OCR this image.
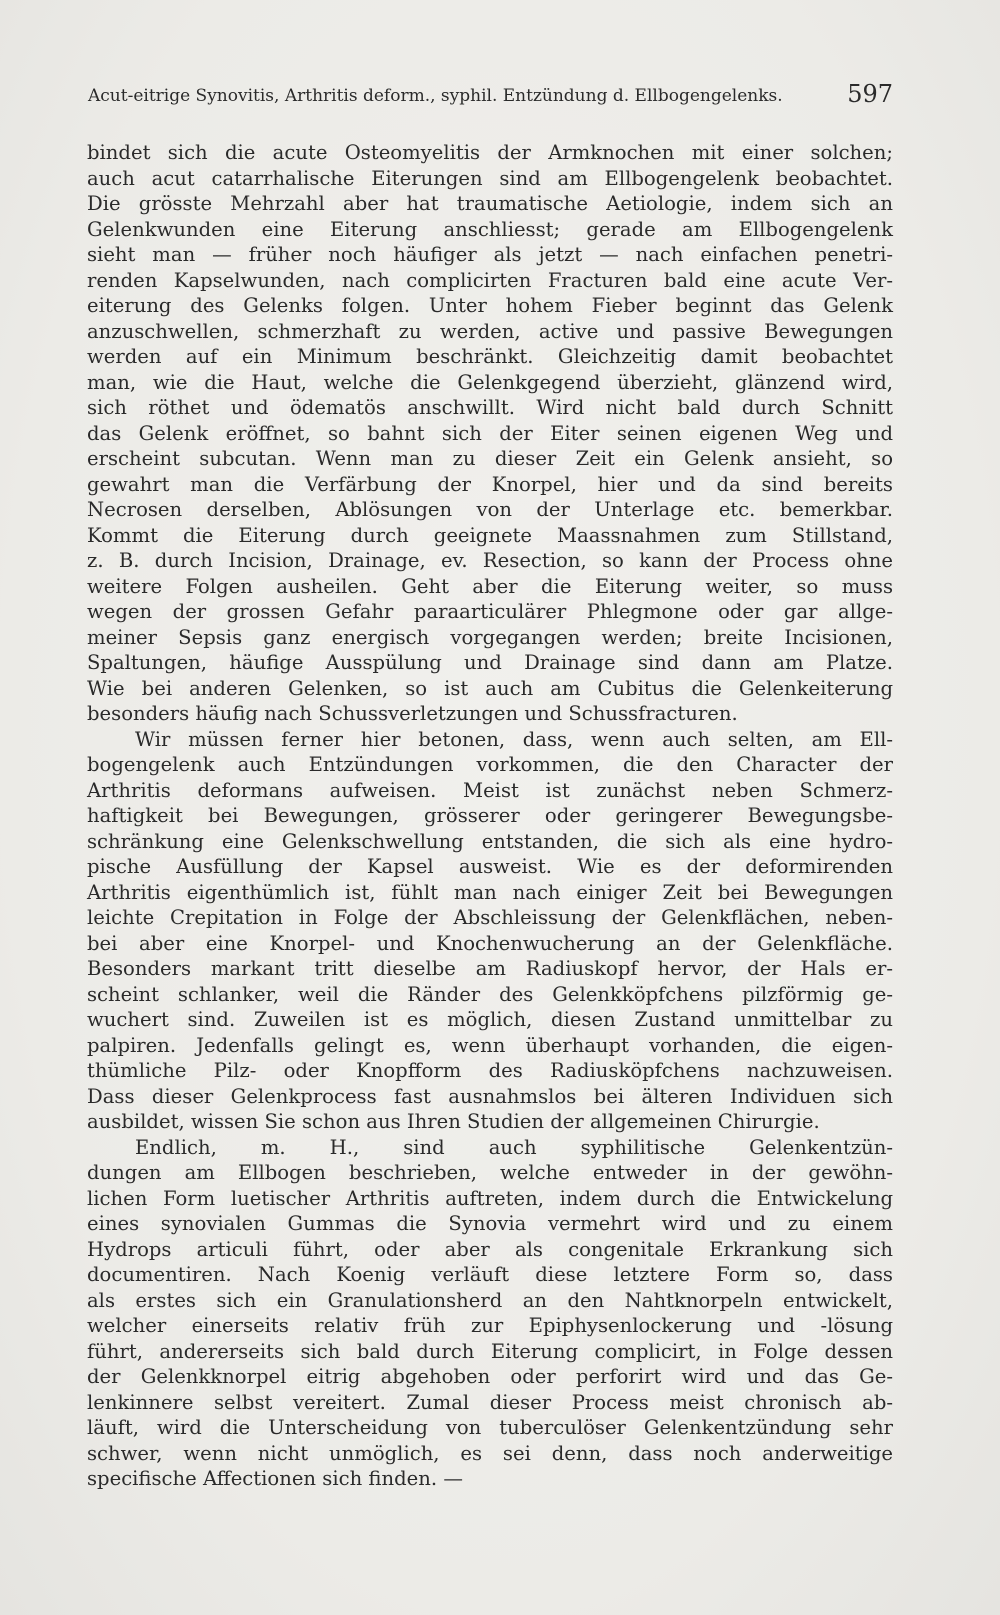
Acut-eitrige Synovitis, Arthritis deform., syphil. Entzündung d. Ellbogengelenks.	597
bindet sich die acute Osteomyelitis der Armknochen mit einer solchen;
auch acut catarrhalische Eiterungen sind am Ellbogengelenk beobachtet.
Die grösste Mehrzahl aber hat traumatische Aetiologie, indem sich an
Gelenkwunden eine Eiterung anschliesst; gerade am Ellbogengelenk
sieht man — früher noch häufiger als jetzt — nach einfachen penetri-
renden Kapselwunden, nach complicirten Fracturen bald eine acute Ver-
eiterung des Gelenks folgen. Unter hohem Fieber beginnt das Gelenk
anzuschwellen, schmerzhaft zu werden, active und passive Bewegungen
werden auf ein Minimum beschränkt. Gleichzeitig damit beobachtet
man, wie die Haut, welche die Gelenkgegend überzieht, glänzend wird,
sich röthet und ödematös anschwillt. Wird nicht bald durch Schnitt
das Gelenk eröffnet, so bahnt sich der Eiter seinen eigenen Weg und
erscheint subcutan. Wenn man zu dieser Zeit ein Gelenk ansieht, so
gewahrt man die Verfärbung der Knorpel, hier und da sind bereits
Necrosen derselben, Ablösungen von der Unterlage etc. bemerkbar.
Kommt die Eiterung durch geeignete Maassnahmen zum Stillstand,
z. B. durch Incision, Drainage, ev. Resection, so kann der Process ohne
weitere Folgen ausheilen. Geht aber die Eiterung weiter, so muss
wegen der grossen Gefahr paraarticulärer Phlegmone oder gar allge-
meiner Sepsis ganz energisch vorgegangen werden; breite Incisionen,
Spaltungen, häufige Ausspülung und Drainage sind dann am Platze.
Wie bei anderen Gelenken, so ist auch am Cubitus die Gelenkeiterung
besonders häufig nach Schussverletzungen und Schussfracturen.
Wir müssen ferner hier betonen, dass, wenn auch selten, am Ell-
bogengelenk auch Entzündungen vorkommen, die den Character der
Arthritis deformans aufweisen. Meist ist zunächst neben Schmerz-
haftigkeit bei Bewegungen, grösserer oder geringerer Bewegungsbe-
schränkung eine Gelenkschwellung entstanden, die sich als eine hydro-
pische Ausfüllung der Kapsel ausweist. Wie es der deformirenden
Arthritis eigenthümlich ist, fühlt man nach einiger Zeit bei Bewegungen
leichte Crepitation in Folge der Abschleissung der Gelenkflächen, neben-
bei aber eine Knorpel- und Knochenwucherung an der Gelenkfläche.
Besonders markant tritt dieselbe am Radiuskopf hervor, der Hals er-
scheint schlanker, weil die Ränder des Gelenkköpfchens pilzförmig ge-
wuchert sind. Zuweilen ist es möglich, diesen Zustand unmittelbar zu
palpiren. Jedenfalls gelingt es, wenn überhaupt vorhanden, die eigen-
thümliche Pilz- oder Knopfform des Radiusköpfchens nachzuweisen.
Dass dieser Gelenkprocess fast ausnahmslos bei älteren Individuen sich
ausbildet, wissen Sie schon aus Ihren Studien der allgemeinen Chirurgie.
Endlich, m. H., sind auch syphilitische Gelenkentzün-
dungen am Ellbogen beschrieben, welche entweder in der gewöhn-
lichen Form luetischer Arthritis auftreten, indem durch die Entwickelung
eines synovialen Gummas die Synovia vermehrt wird und zu einem
Hydrops articuli führt, oder aber als congenitale Erkrankung sich
documentiren. Nach Koenig verläuft diese letztere Form so, dass
als erstes sich ein Granulationsherd an den Nahtknorpeln entwickelt,
welcher einerseits relativ früh zur Epiphysenlockerung und -lösung
führt, andererseits sich bald durch Eiterung complicirt, in Folge dessen
der Gelenkknorpel eitrig abgehoben oder perforirt wird und das Ge-
lenkinnere selbst vereitert. Zumal dieser Process meist chronisch ab-
läuft, wird die Unterscheidung von tuberculöser Gelenkentzündung sehr
schwer, wenn nicht unmöglich, es sei denn, dass noch anderweitige
specifische Affectionen sich finden. —
